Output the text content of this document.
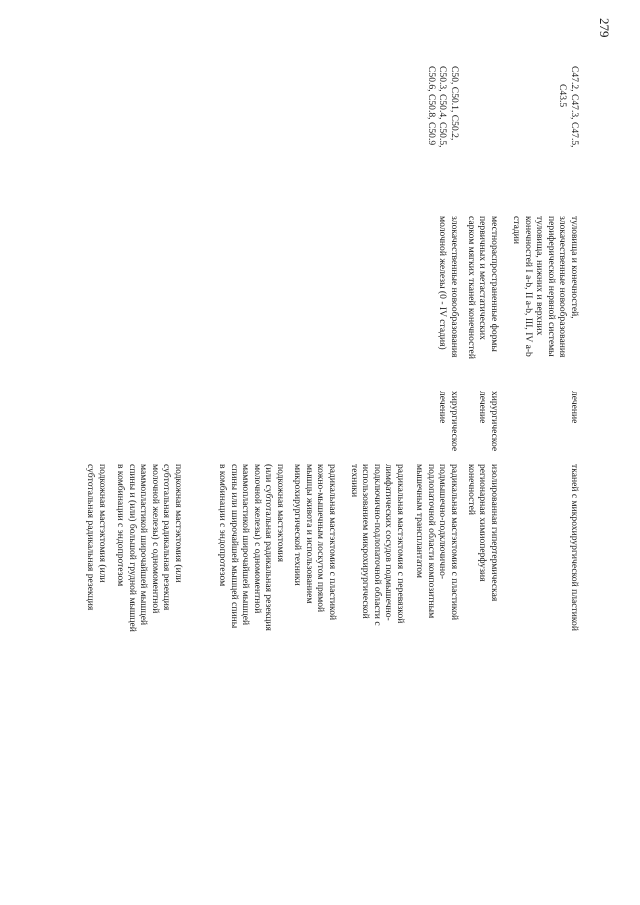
279
C47.2, C47.3, C47.5,
C43.5
туловища и конечностей,
злокачественные новообразования
периферической нервной системы
туловища, нижних и верхних
конечностей I a-b, II a-b, III, IV a-b
стадии
лечение
тканей с микрохирургической пластикой
местнораспространенные формы
первичных и метастатических
сарком мягких тканей конечностей
хирургическое
лечение
изолированная гипертермическая
регионарная химиоперфузия
конечностей
C50, C50.1, C50.2,
C50.3, C50.4, C50.5,
C50.6, C50.8, C50.9
злокачественные новообразования
молочной железы (0 - IV стадия)
хирургическое
лечение
радикальная мастэктомия с пластикой
подмышечно-подключично-
подлопаточной области композитным
мышечным трансплантатом
радикальная мастэктомия с перевязкой
лимфатических сосудов подмышечно-
подключично-подлопаточной области с
использованием микрохирургической
техники
радикальная мастэктомия с пластикой
кожно-мышечным лоскутом прямой
мышцы живота и использованием
микрохирургической техники
подкожная мастэктомия
(или субтотальная радикальная резекция
молочной железы) с одномоментной
маммопластикой широчайшей мышцей
спины или широчайшей мышцей спины
в комбинации с эндопротезом
подкожная мастэктомия (или
субтотальная радикальная резекция
молочной железы) с одномоментной
маммопластикой широчайшей мышцей
спины и (или) большой грудной мышцей
в комбинации с эндопротезом
подкожная мастэктомия (или
субтотальная радикальная резекция
